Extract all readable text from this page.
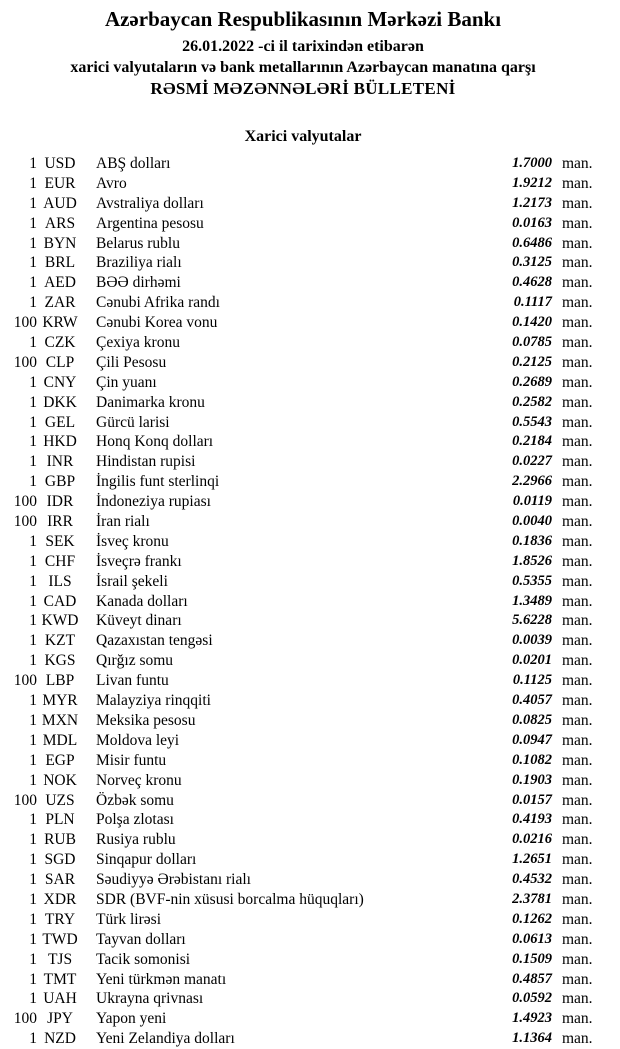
Azərbaycan Respublikasının Mərkəzi Bankı
26.01.2022 -ci il tarixindən etibarən
xarici valyutaların və bank metallarının Azərbaycan manatına qarşı
RƏSMİ MƏZƏNNƏLƏRİ BÜLLETENİ
Xarici valyutalar
1 USD	ABŞ dolları	1.7000 man.
1 EUR	Avro	1.9212 man.
1 AUD	Avstraliya dolları	1.2173 man.
1 ARS	Argentina pesosu	0.0163 man.
1 BYN	Belarus rublu	0.6486 man.
1 BRL	Braziliya rialı	0.3125 man.
1 AED	BƏƏ dirhəmi	0.4628 man.
1 ZAR	Cənubi Afrika randı	0.1117 man.
100 KRW	Cənubi Korea vonu	0.1420 man.
1 CZK	Çexiya kronu	0.0785 man.
100 CLP	Çili Pesosu	0.2125 man.
1 CNY	Çin yuanı	0.2689 man.
1 DKK	Danimarka kronu	0.2582 man.
1 GEL	Gürcü larisi	0.5543 man.
1 HKD	Honq Konq dolları	0.2184 man.
1 INR	Hindistan rupisi	0.0227 man.
1 GBP	İngilis funt sterlinqi	2.2966 man.
100 IDR	İndoneziya rupiası	0.0119 man.
100 IRR	İran rialı	0.0040 man.
1 SEK	İsveç kronu	0.1836 man.
1 CHF	İsveçrə frankı	1.8526 man.
1 ILS	İsrail şekeli	0.5355 man.
1 CAD	Kanada dolları	1.3489 man.
1 KWD	Küveyt dinarı	5.6228 man.
1 KZT	Qazaxıstan tengəsi	0.0039 man.
1 KGS	Qırğız somu	0.0201 man.
100 LBP	Livan funtu	0.1125 man.
1 MYR	Malayziya rinqqiti	0.4057 man.
1 MXN	Meksika pesosu	0.0825 man.
1 MDL	Moldova leyi	0.0947 man.
1 EGP	Misir funtu	0.1082 man.
1 NOK	Norveç kronu	0.1903 man.
100 UZS	Özbək somu	0.0157 man.
1 PLN	Polşa zlotası	0.4193 man.
1 RUB	Rusiya rublu	0.0216 man.
1 SGD	Sinqapur dolları	1.2651 man.
1 SAR	Səudiyyə Ərəbistanı rialı	0.4532 man.
1 XDR	SDR (BVF-nin xüsusi borcalma hüquqları)	2.3781 man.
1 TRY	Türk lirəsi	0.1262 man.
1 TWD	Tayvan dolları	0.0613 man.
1 TJS	Tacik somonisi	0.1509 man.
1 TMT	Yeni türkmən manatı	0.4857 man.
1 UAH	Ukrayna qrivnası	0.0592 man.
100 JPY	Yapon yeni	1.4923 man.
1 NZD	Yeni Zelandiya dolları	1.1364 man.
